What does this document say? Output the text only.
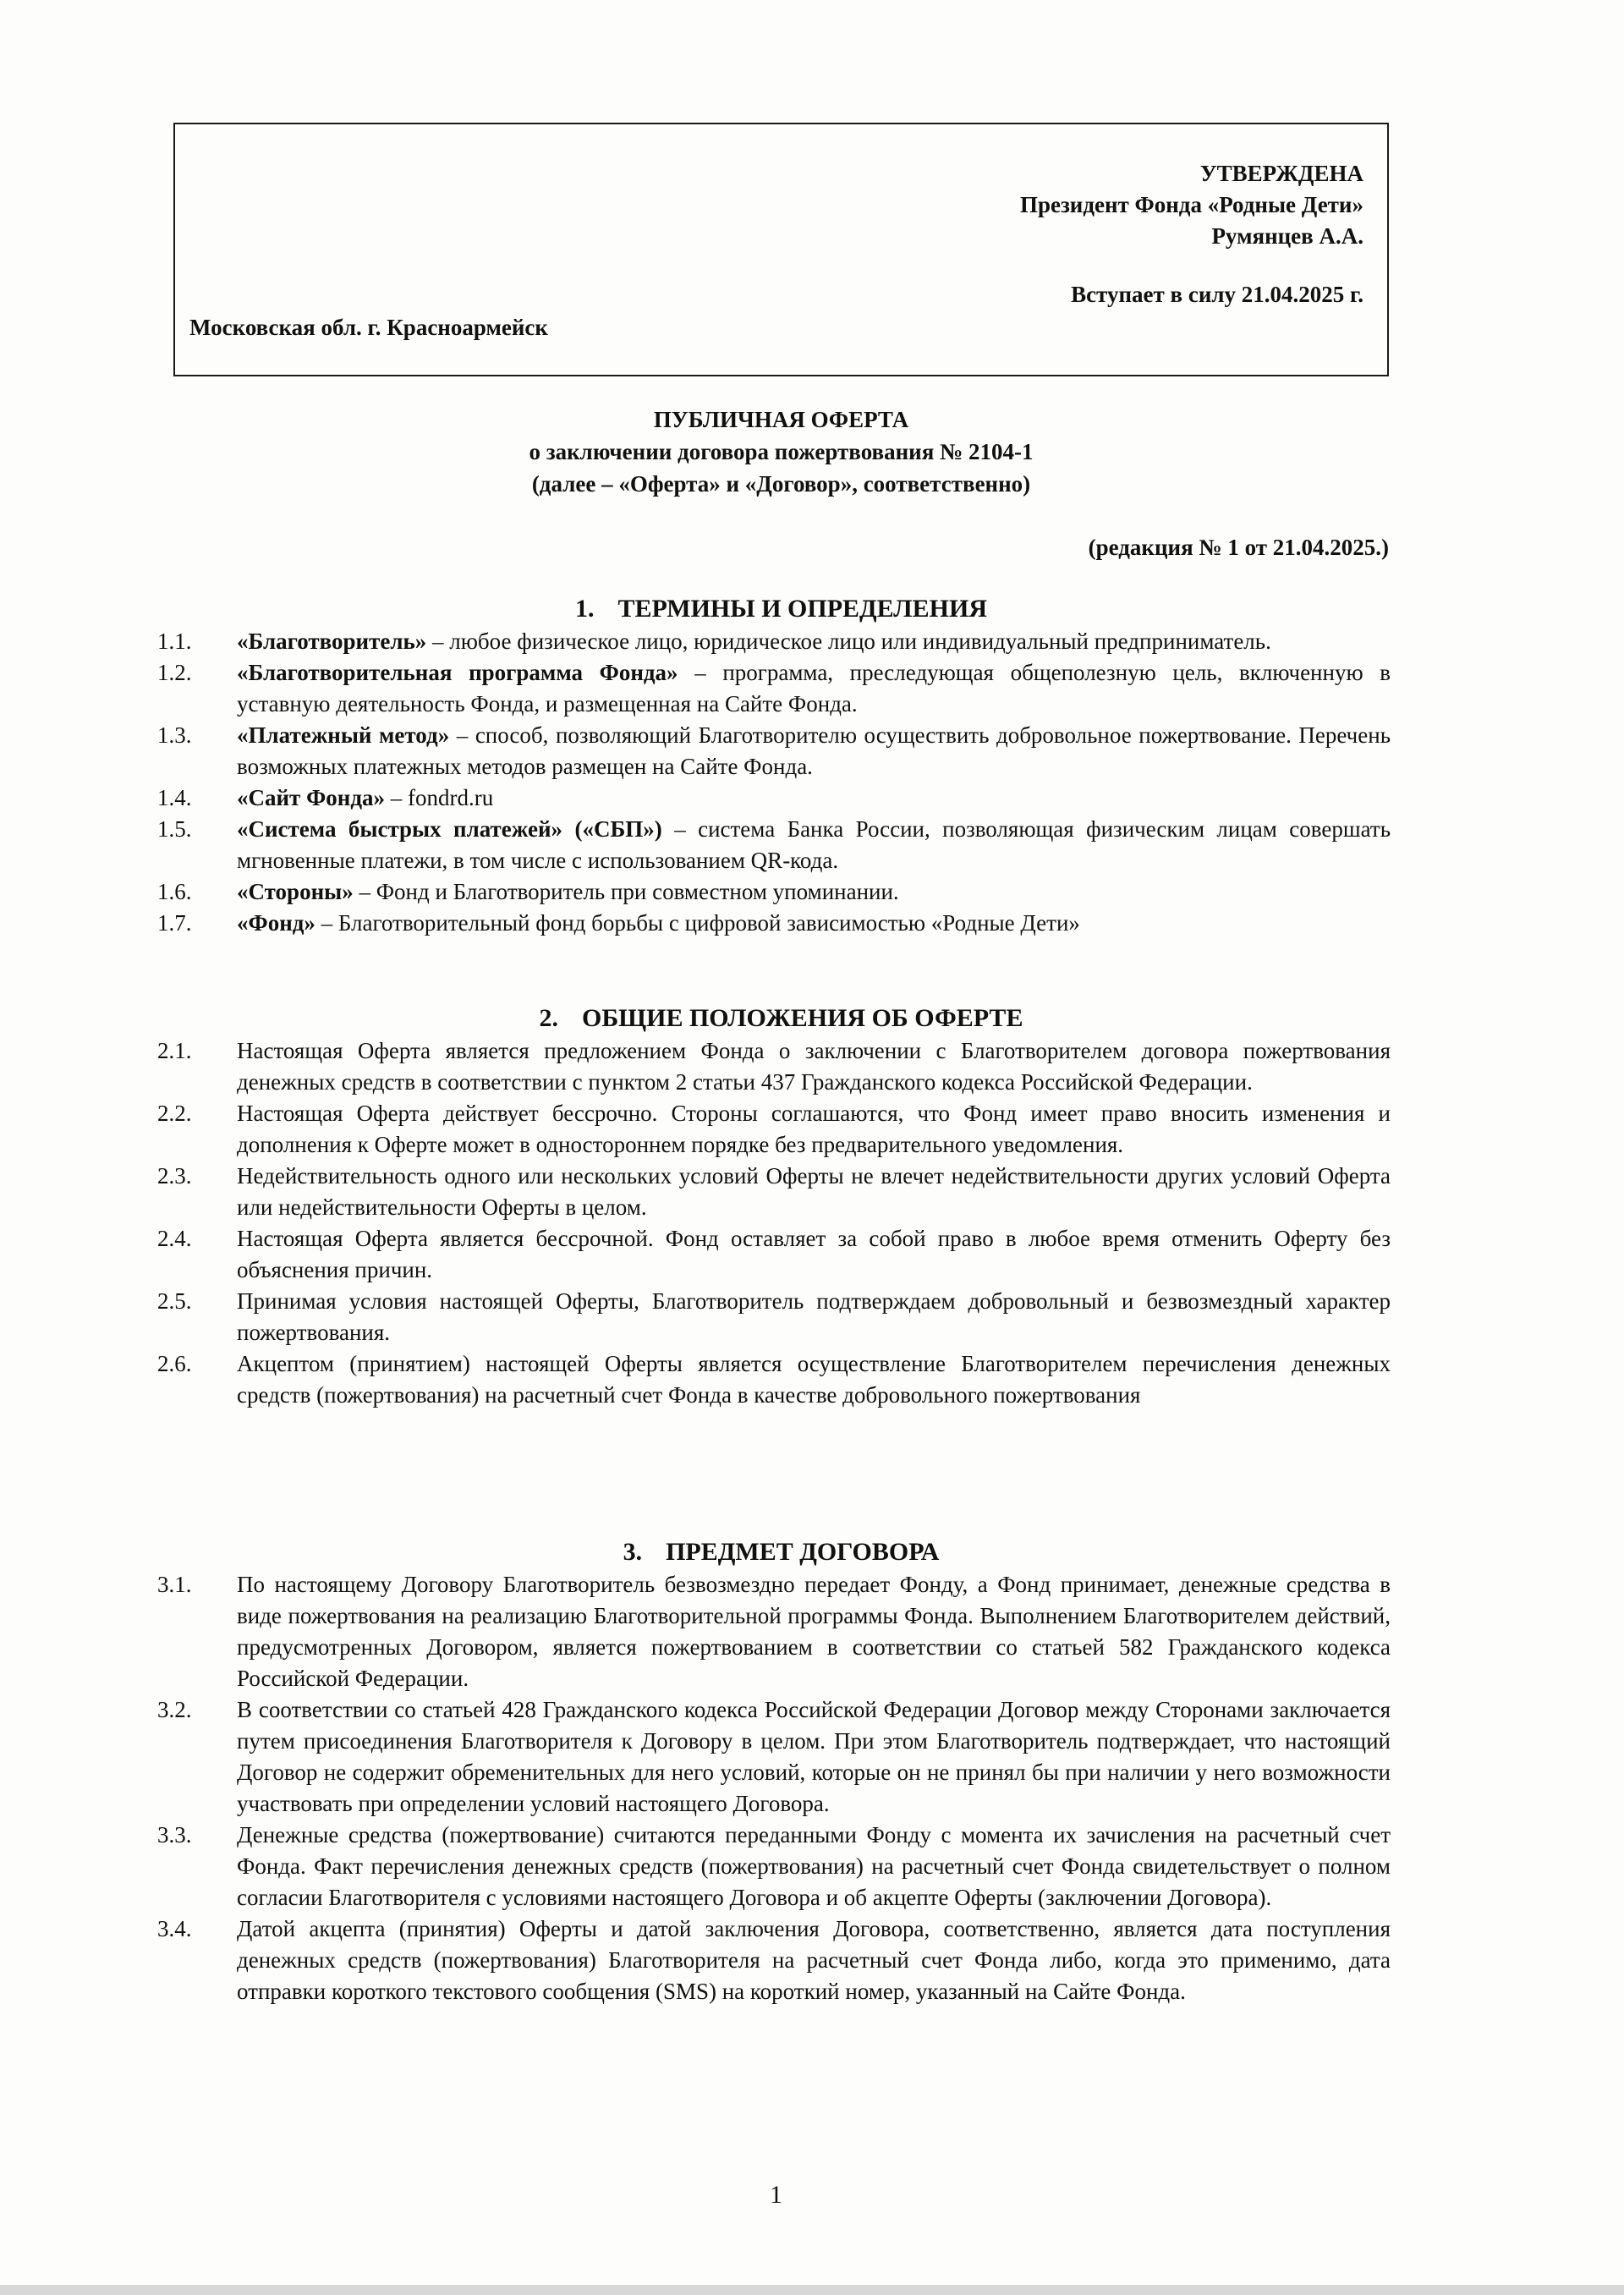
УТВЕРЖДЕНА
Президент Фонда «Родные Дети»
Румянцев А.А.
Вступает в силу 21.04.2025 г.
Московская обл. г. Красноармейск
ПУБЛИЧНАЯ ОФЕРТА
о заключении договора пожертвования № 2104-1
(далее – «Оферта» и «Договор», соответственно)
(редакция № 1 от 21.04.2025.)
1. ТЕРМИНЫ И ОПРЕДЕЛЕНИЯ
1.1.	«Благотворитель» – любое физическое лицо, юридическое лицо или индивидуальный предприниматель.
1.2.	«Благотворительная программа Фонда» – программа, преследующая общеполезную цель, включенную в уставную деятельность Фонда, и размещенная на Сайте Фонда.
1.3.	«Платежный метод» – способ, позволяющий Благотворителю осуществить добровольное пожертвование. Перечень возможных платежных методов размещен на Сайте Фонда.
1.4.	«Сайт Фонда» – fondrd.ru
1.5.	«Система быстрых платежей» («СБП») – система Банка России, позволяющая физическим лицам совершать мгновенные платежи, в том числе с использованием QR-кода.
1.6.	«Стороны» – Фонд и Благотворитель при совместном упоминании.
1.7.	«Фонд» – Благотворительный фонд борьбы с цифровой зависимостью «Родные Дети»
2. ОБЩИЕ ПОЛОЖЕНИЯ ОБ ОФЕРТЕ
2.1.	Настоящая Оферта является предложением Фонда о заключении с Благотворителем договора пожертвования денежных средств в соответствии с пунктом 2 статьи 437 Гражданского кодекса Российской Федерации.
2.2.	Настоящая Оферта действует бессрочно. Стороны соглашаются, что Фонд имеет право вносить изменения и дополнения к Оферте может в одностороннем порядке без предварительного уведомления.
2.3.	Недействительность одного или нескольких условий Оферты не влечет недействительности других условий Оферта или недействительности Оферты в целом.
2.4.	Настоящая Оферта является бессрочной. Фонд оставляет за собой право в любое время отменить Оферту без объяснения причин.
2.5.	Принимая условия настоящей Оферты, Благотворитель подтверждаем добровольный и безвозмездный характер пожертвования.
2.6.	Акцептом (принятием) настоящей Оферты является осуществление Благотворителем перечисления денежных средств (пожертвования) на расчетный счет Фонда в качестве добровольного пожертвования
3. ПРЕДМЕТ ДОГОВОРА
3.1.	По настоящему Договору Благотворитель безвозмездно передает Фонду, а Фонд принимает, денежные средства в виде пожертвования на реализацию Благотворительной программы Фонда. Выполнением Благотворителем действий, предусмотренных Договором, является пожертвованием в соответствии со статьей 582 Гражданского кодекса Российской Федерации.
3.2.	В соответствии со статьей 428 Гражданского кодекса Российской Федерации Договор между Сторонами заключается путем присоединения Благотворителя к Договору в целом. При этом Благотворитель подтверждает, что настоящий Договор не содержит обременительных для него условий, которые он не принял бы при наличии у него возможности участвовать при определении условий настоящего Договора.
3.3.	Денежные средства (пожертвование) считаются переданными Фонду с момента их зачисления на расчетный счет Фонда. Факт перечисления денежных средств (пожертвования) на расчетный счет Фонда свидетельствует о полном согласии Благотворителя с условиями настоящего Договора и об акцепте Оферты (заключении Договора).
3.4.	Датой акцепта (принятия) Оферты и датой заключения Договора, соответственно, является дата поступления денежных средств (пожертвования) Благотворителя на расчетный счет Фонда либо, когда это применимо, дата отправки короткого текстового сообщения (SMS) на короткий номер, указанный на Сайте Фонда.
1
